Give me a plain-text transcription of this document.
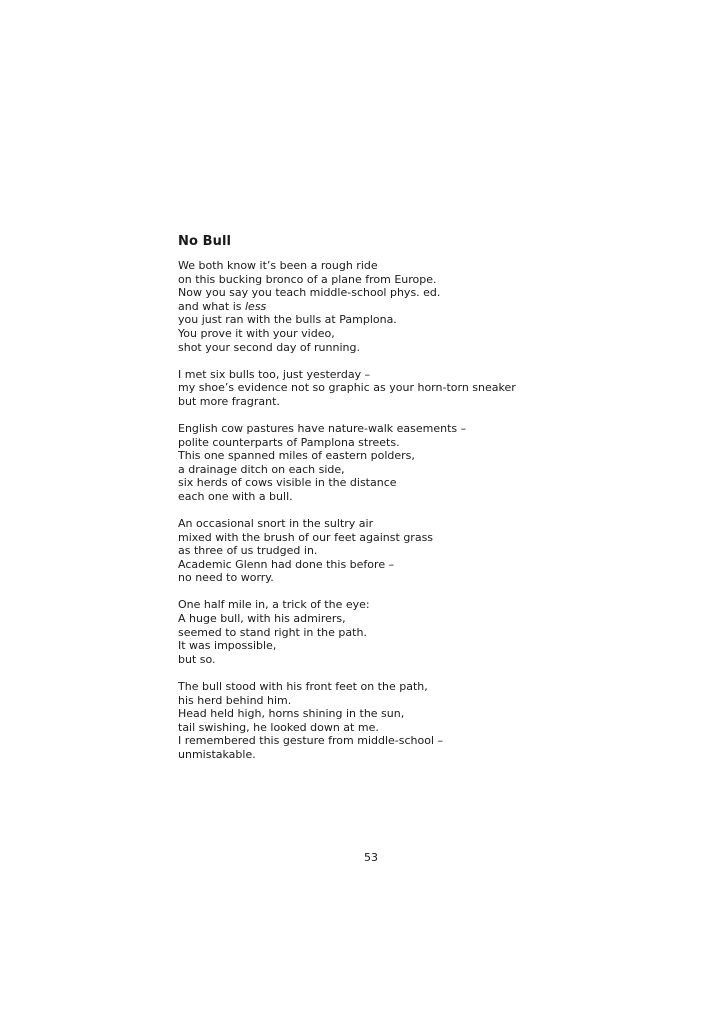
No Bull
We both know it’s been a rough ride
on this bucking bronco of a plane from Europe.
Now you say you teach middle-school phys. ed.
and what is less
you just ran with the bulls at Pamplona.
You prove it with your video,
shot your second day of running.
I met six bulls too, just yesterday –
my shoe’s evidence not so graphic as your horn-torn sneaker
but more fragrant.
English cow pastures have nature-walk easements –
polite counterparts of Pamplona streets.
This one spanned miles of eastern polders,
a drainage ditch on each side,
six herds of cows visible in the distance
each one with a bull.
An occasional snort in the sultry air
mixed with the brush of our feet against grass
as three of us trudged in.
Academic Glenn had done this before –
no need to worry.
One half mile in, a trick of the eye:
A huge bull, with his admirers,
seemed to stand right in the path.
It was impossible,
but so.
The bull stood with his front feet on the path,
his herd behind him.
Head held high, horns shining in the sun,
tail swishing, he looked down at me.
I remembered this gesture from middle-school –
unmistakable.
53
